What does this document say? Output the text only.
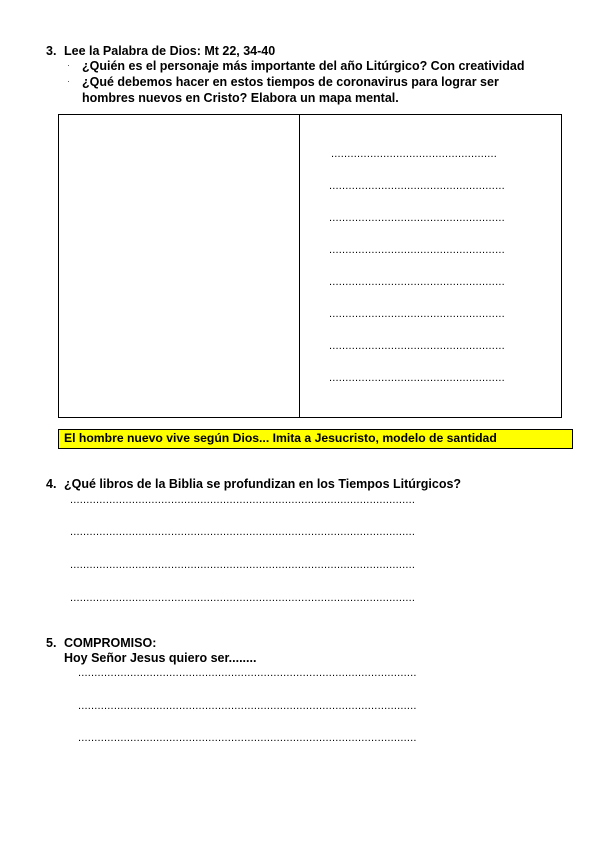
3. Lee la Palabra de Dios: Mt 22, 34-40
· ¿Quién es el personaje más importante del año Litúrgico? Con creatividad
· ¿Qué debemos hacer en estos tiempos de coronavirus para lograr ser
hombres nuevos en Cristo? Elabora un mapa mental.
...................................................
......................................................
......................................................
......................................................
......................................................
......................................................
......................................................
......................................................
El hombre nuevo vive según Dios... Imita a Jesucristo, modelo de santidad
4. ¿Qué libros de la Biblia se profundizan en los Tiempos Litúrgicos?
..........................................................................................................
..........................................................................................................
..........................................................................................................
..........................................................................................................
5. COMPROMISO:
Hoy Señor Jesus quiero ser........
........................................................................................................
........................................................................................................
........................................................................................................
